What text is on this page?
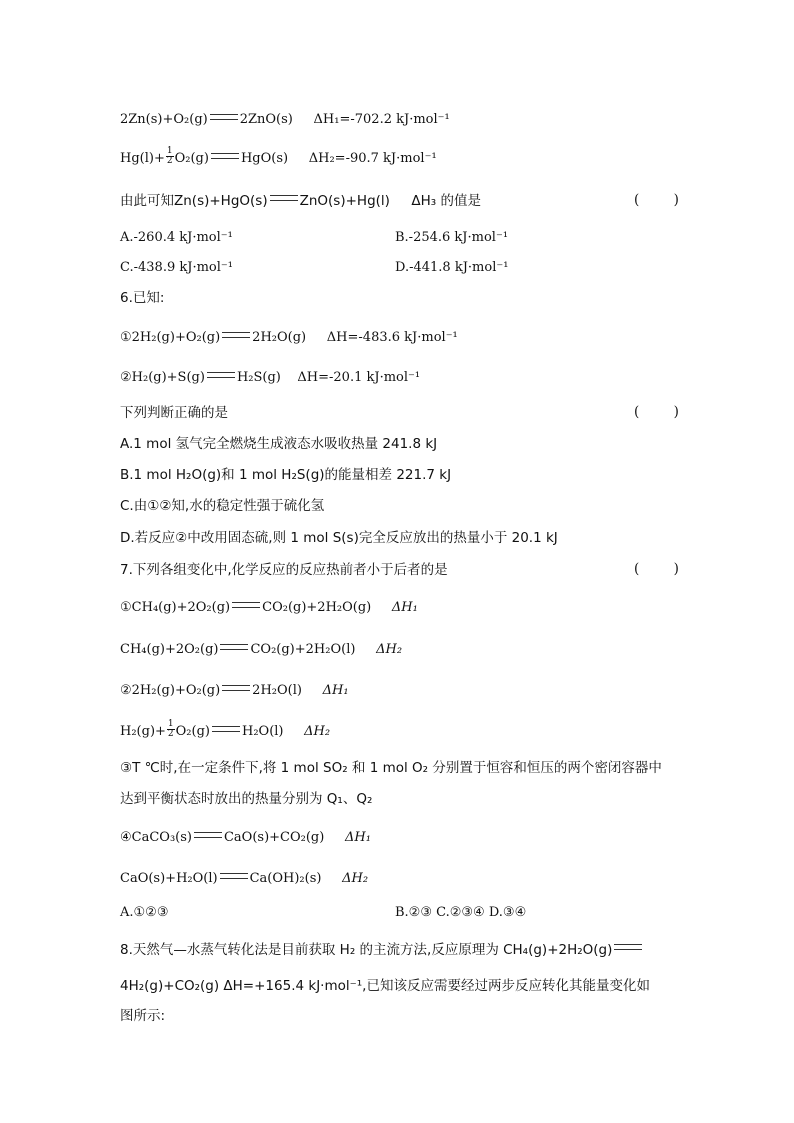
2Zn(s)+O₂(g) 2ZnO(s) ΔH₁=-702.2 kJ·mol⁻¹
$Hg(l)+ \frac{1}{2} O_2(g)$ HgO(s) ΔH₂=-90.7 kJ·mol⁻¹
由此可知Zn(s)+HgO(s) ZnO(s)+Hg(l) ΔH₃ 的值是	(        )
A.-260.4 kJ·mol⁻¹	B.-254.6 kJ·mol⁻¹
C.-438.9 kJ·mol⁻¹	D.-441.8 kJ·mol⁻¹
6.已知:
①2H₂(g)+O₂(g) 2H₂O(g) ΔH=-483.6 kJ·mol⁻¹
②H₂(g)+S(g) H₂S(g) ΔH=-20.1 kJ·mol⁻¹
下列判断正确的是	(        )
A.1 mol 氢气完全燃烧生成液态水吸收热量 241.8 kJ
B.1 mol H₂O(g)和 1 mol H₂S(g)的能量相差 221.7 kJ
C.由①②知,水的稳定性强于硫化氢
D.若反应②中改用固态硫,则 1 mol S(s)完全反应放出的热量小于 20.1 kJ
7.下列各组变化中,化学反应的反应热前者小于后者的是	(        )
①CH₄(g)+2O₂(g) CO₂(g)+2H₂O(g) ΔH₁
CH₄(g)+2O₂(g) CO₂(g)+2H₂O(l) ΔH₂
②2H₂(g)+O₂(g) 2H₂O(l) ΔH₁
$H_2(g)+ \frac{1}{2} O_2(g)$ H₂O(l) ΔH₂
③T ℃时,在一定条件下,将 1 mol SO₂ 和 1 mol O₂ 分别置于恒容和恒压的两个密闭容器中
达到平衡状态时放出的热量分别为 Q₁、Q₂
④CaCO₃(s) CaO(s)+CO₂(g) ΔH₁
CaO(s)+H₂O(l) Ca(OH)₂(s) ΔH₂
A.①②③	B.②③ C.②③④ D.③④
8.天然气—水蒸气转化法是目前获取 H₂ 的主流方法,反应原理为 CH₄(g)+2H₂O(g)
4H₂(g)+CO₂(g) ΔH=+165.4 kJ·mol⁻¹,已知该反应需要经过两步反应转化其能量变化如
图所示:
